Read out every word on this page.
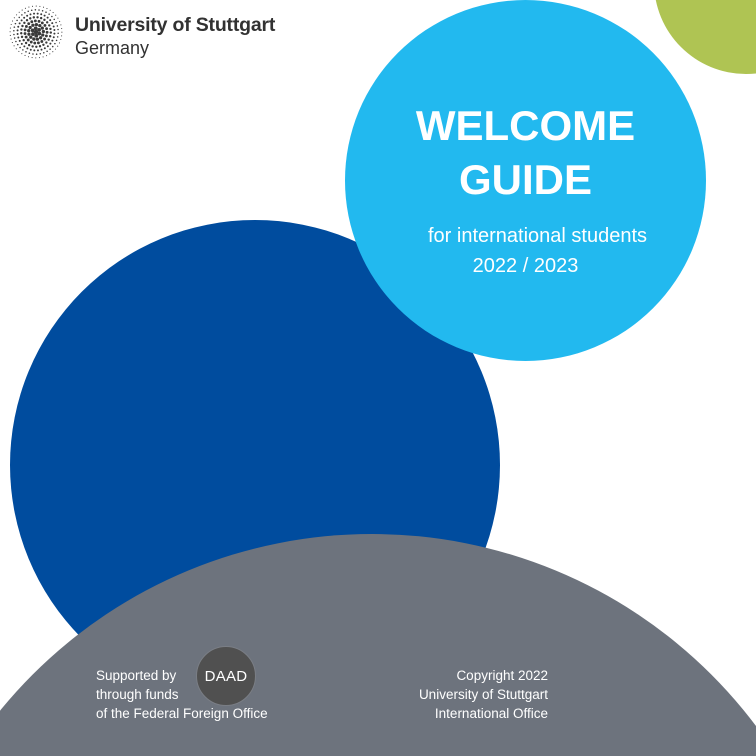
University of Stuttgart
Germany
WELCOME
GUIDE
for international students
2022 / 2023
Supported by
through funds
of the Federal Foreign Office
DAAD	Copyright 2022
University of Stuttgart
International Office
